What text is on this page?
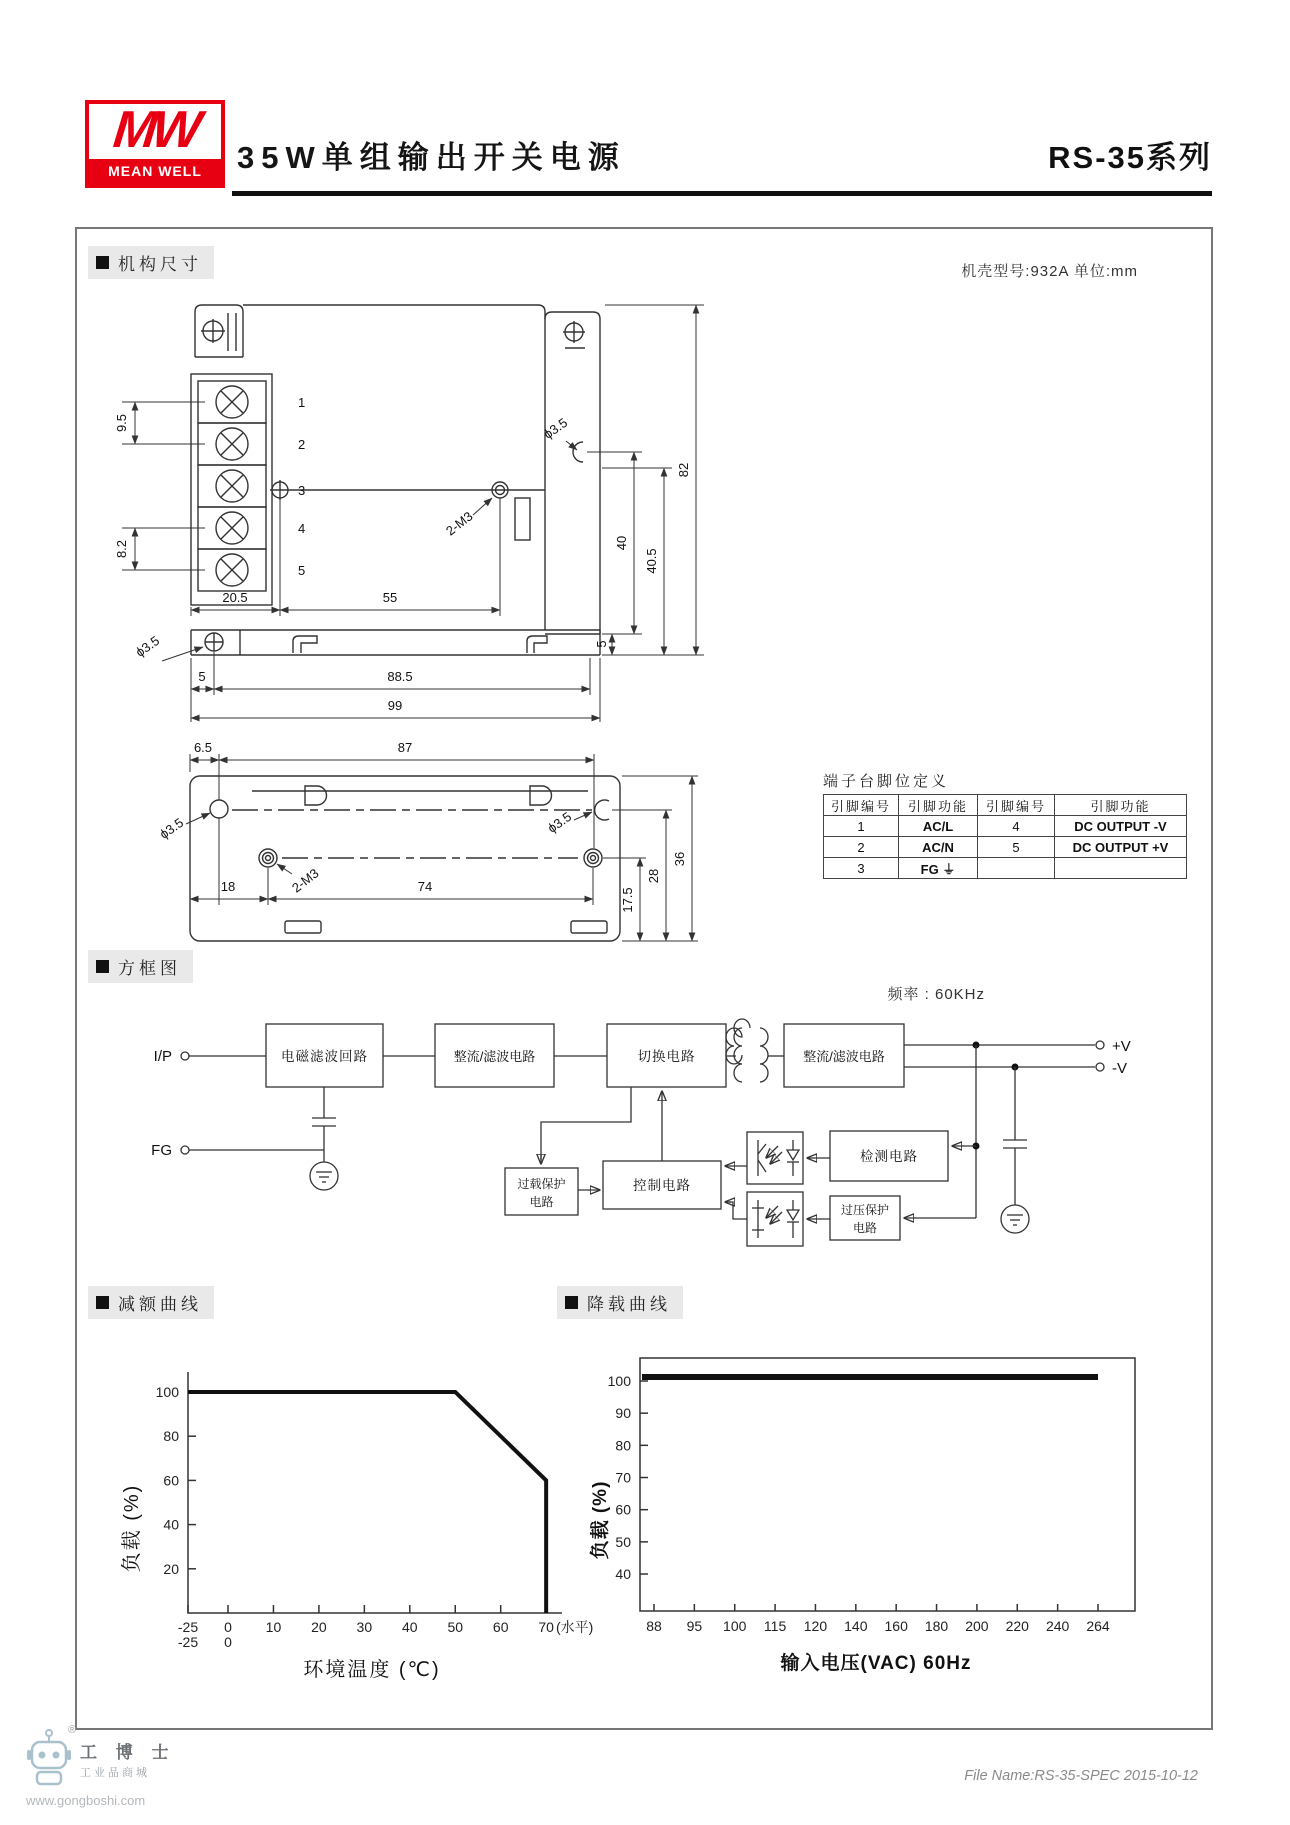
MW
MEAN WELL	35W单组输出开关电源	RS-35系列
机构尺寸	机壳型号:932A 单位:mm
1
2
3
4
5
9.5
8.2
20.5	55
2-M3
ϕ3.5
40
40.5
82
5
ϕ3.5
5	88.5
99
6.5	87
ϕ3.5	ϕ3.5
2-M3
18	74
17.5
28
36
端子台脚位定义
引脚编号	引脚功能	引脚编号	引脚功能
1	AC/L	4	DC OUTPUT -V
2	AC/N	5	DC OUTPUT +V
3	FG ⏚		
方框图
频率 : 60KHz
I/P
FG
电磁滤波回路	整流/滤波电路	切换电路	整流/滤波电路
+V
-V
过载保护
电路
控制电路
检测电路
过压保护
电路
减额曲线	降载曲线
20
40
60
80
100
-25 0 10 20 30 40 50 60 70
-25 0
(水平)
环境温度 (℃)
负载 (%)
40
50
60
70
80
90
100
88 95 100 115 120 140 160 180 200 220 240 264
输入电压(VAC) 60Hz
负载 (%)
®
工 博 士
工业品商城
www.gongboshi.com
File Name:RS-35-SPEC 2015-10-12
